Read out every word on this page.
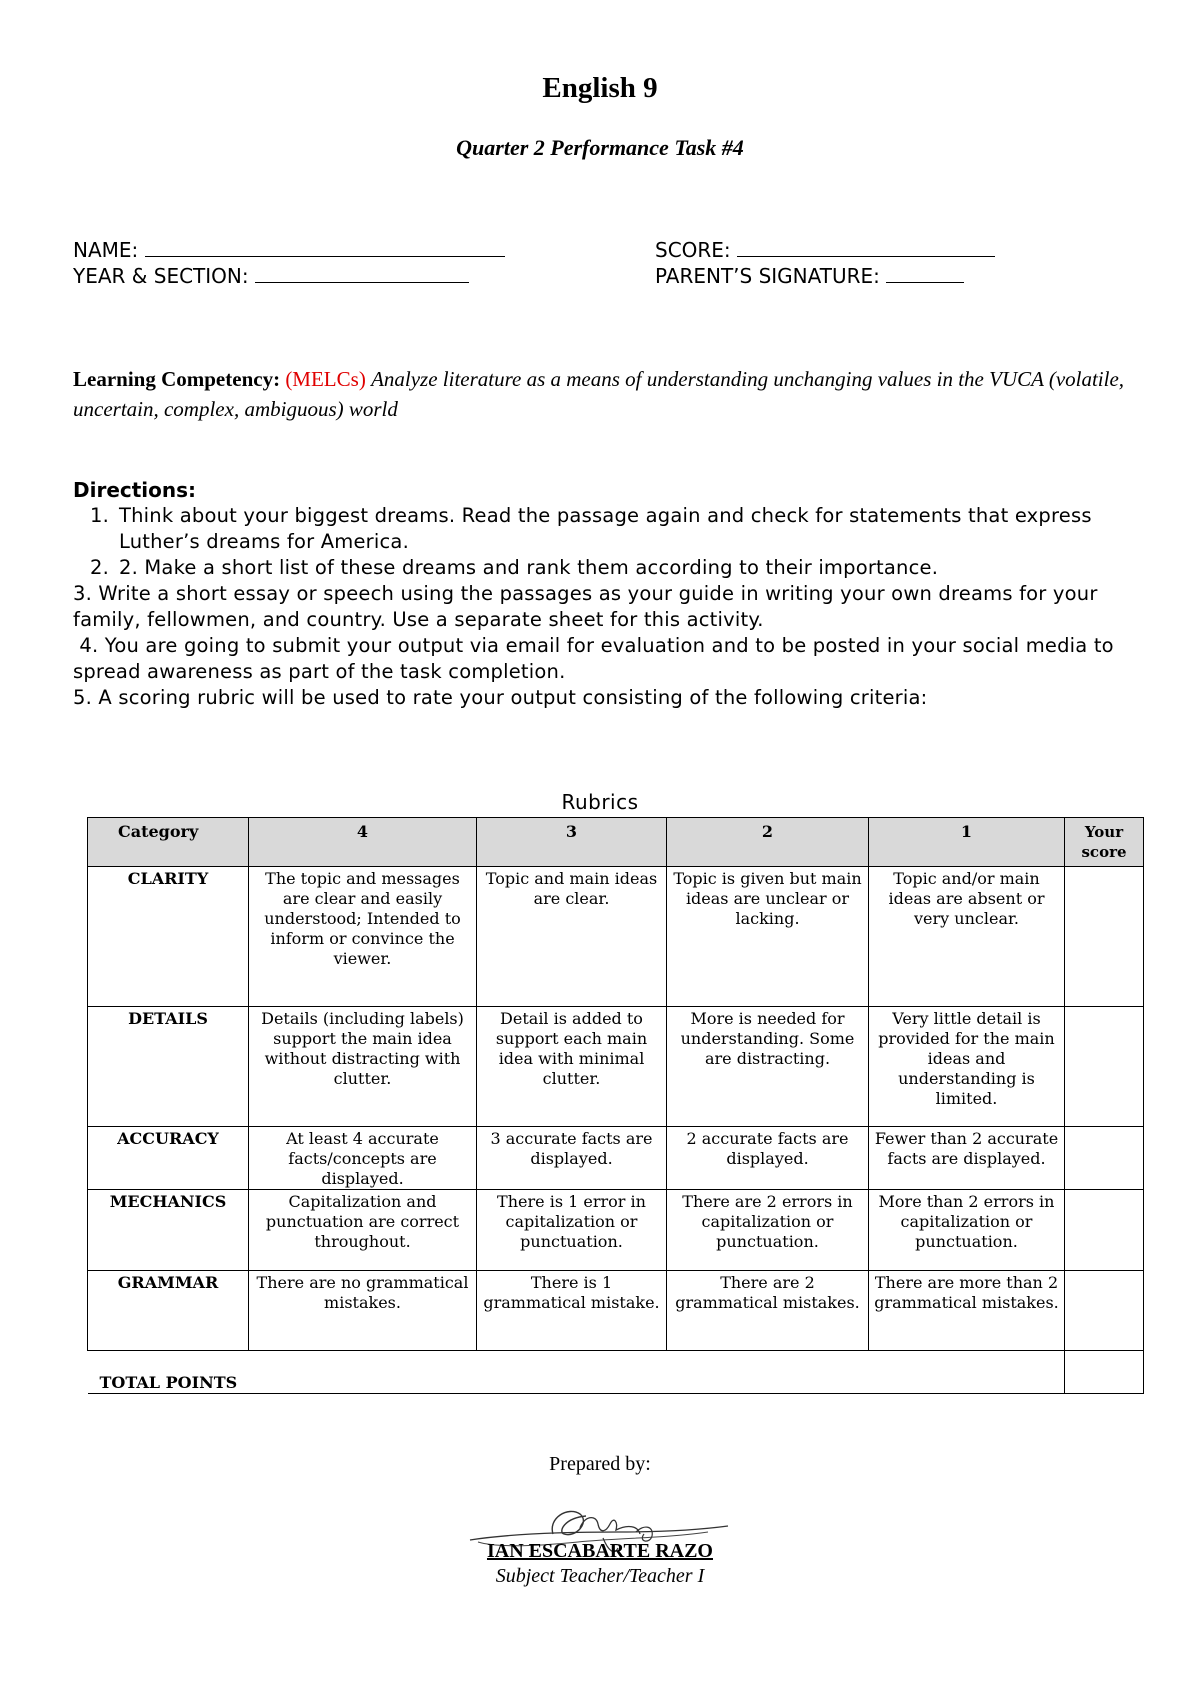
English 9
Quarter 2 Performance Task #4
NAME:
YEAR & SECTION:
SCORE:
PARENT’S SIGNATURE:
Learning Competency: (MELCs) Analyze literature as a means of understanding unchanging values in the VUCA (volatile, uncertain, complex, ambiguous) world
Directions:
1. Think about your biggest dreams. Read the passage again and check for statements that express Luther’s dreams for America.
2. 2. Make a short list of these dreams and rank them according to their importance.

3. Write a short essay or speech using the passages as your guide in writing your own dreams for your family, fellowmen, and country. Use a separate sheet for this activity.

4. You are going to submit your output via email for evaluation and to be posted in your social media to spread awareness as part of the task completion.

5. A scoring rubric will be used to rate your output consisting of the following criteria:

Rubrics
Category	4	3	2	1	Your score
CLARITY	The topic and messages are clear and easily understood; Intended to inform or convince the viewer.	Topic and main ideas are clear.	Topic is given but main ideas are unclear or lacking.	Topic and/or main ideas are absent or very unclear.	
DETAILS	Details (including labels) support the main idea without distracting with clutter.	Detail is added to support each main idea with minimal clutter.	More is needed for understanding. Some are distracting.	Very little detail is provided for the main ideas and understanding is limited.	
ACCURACY	At least 4 accurate facts/concepts are displayed.	3 accurate facts are displayed.	2 accurate facts are displayed.	Fewer than 2 accurate facts are displayed.	
MECHANICS	Capitalization and punctuation are correct throughout.	There is 1 error in capitalization or punctuation.	There are 2 errors in capitalization or punctuation.	More than 2 errors in capitalization or punctuation.	
GRAMMAR	There are no grammatical mistakes.	There is 1 grammatical mistake.	There are 2 grammatical mistakes.	There are more than 2 grammatical mistakes.	
TOTAL POINTS					
Prepared by:
IAN ESCABARTE RAZO
Subject Teacher/Teacher I
